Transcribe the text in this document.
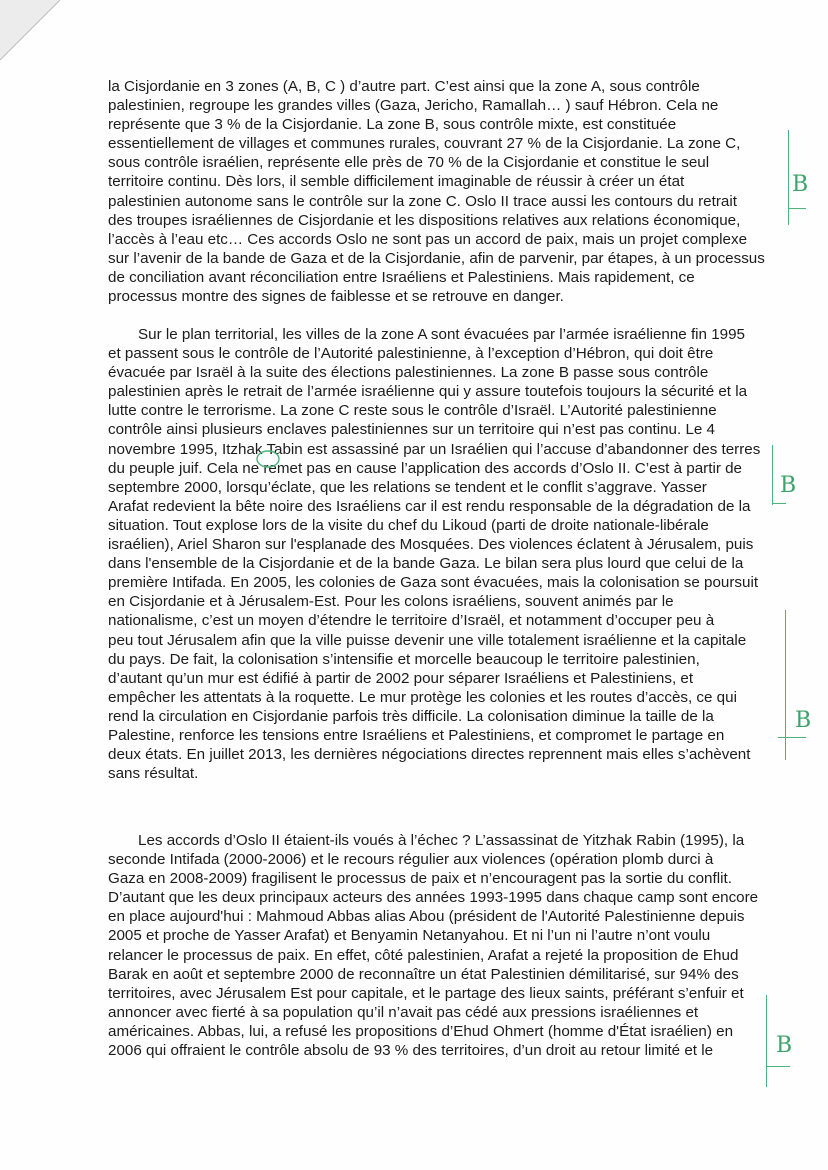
la Cisjordanie en 3 zones (A, B, C ) d’autre part. C’est ainsi que la zone A, sous contrôle
palestinien, regroupe les grandes villes (Gaza, Jericho, Ramallah… ) sauf Hébron. Cela ne
représente que 3 % de la Cisjordanie. La zone B, sous contrôle mixte, est constituée
essentiellement de villages et communes rurales, couvrant 27 % de la Cisjordanie. La zone C,
sous contrôle israélien, représente elle près de 70 % de la Cisjordanie et constitue le seul
territoire continu. Dès lors, il semble difficilement imaginable de réussir à créer un état
palestinien autonome sans le contrôle sur la zone C. Oslo II trace aussi les contours du retrait
des troupes israéliennes de Cisjordanie et les dispositions relatives aux relations économique,
l’accès à l’eau etc… Ces accords Oslo ne sont pas un accord de paix, mais un projet complexe
sur l’avenir de la bande de Gaza et de la Cisjordanie, afin de parvenir, par étapes, à un processus
de conciliation avant réconciliation entre Israéliens et Palestiniens. Mais rapidement, ce
processus montre des signes de faiblesse et se retrouve en danger.
Sur le plan territorial, les villes de la zone A sont évacuées par l’armée israélienne fin 1995
et passent sous le contrôle de l’Autorité palestinienne, à l’exception d’Hébron, qui doit être
évacuée par Israël à la suite des élections palestiniennes. La zone B passe sous contrôle
palestinien après le retrait de l’armée israélienne qui y assure toutefois toujours la sécurité et la
lutte contre le terrorisme. La zone C reste sous le contrôle d’Israël. L’Autorité palestinienne
contrôle ainsi plusieurs enclaves palestiniennes sur un territoire qui n’est pas continu. Le 4
novembre 1995, Itzhak Tabin est assassiné par un Israélien qui l’accuse d’abandonner des terres
du peuple juif. Cela ne remet pas en cause l’application des accords d’Oslo II. C’est à partir de
septembre 2000, lorsqu’éclate, que les relations se tendent et le conflit s’aggrave. Yasser
Arafat redevient la bête noire des Israéliens car il est rendu responsable de la dégradation de la
situation. Tout explose lors de la visite du chef du Likoud (parti de droite nationale-libérale
israélien), Ariel Sharon sur l'esplanade des Mosquées. Des violences éclatent à Jérusalem, puis
dans l'ensemble de la Cisjordanie et de la bande Gaza. Le bilan sera plus lourd que celui de la
première Intifada. En 2005, les colonies de Gaza sont évacuées, mais la colonisation se poursuit
en Cisjordanie et à Jérusalem-Est. Pour les colons israéliens, souvent animés par le
nationalisme, c’est un moyen d’étendre le territoire d’Israël, et notamment d’occuper peu à
peu tout Jérusalem afin que la ville puisse devenir une ville totalement israélienne et la capitale
du pays. De fait, la colonisation s’intensifie et morcelle beaucoup le territoire palestinien,
d’autant qu’un mur est édifié à partir de 2002 pour séparer Israéliens et Palestiniens, et
empêcher les attentats à la roquette. Le mur protège les colonies et les routes d’accès, ce qui
rend la circulation en Cisjordanie parfois très difficile. La colonisation diminue la taille de la
Palestine, renforce les tensions entre Israéliens et Palestiniens, et compromet le partage en
deux états. En juillet 2013, les dernières négociations directes reprennent mais elles s’achèvent
sans résultat.
Les accords d’Oslo II étaient-ils voués à l’échec ? L’assassinat de Yitzhak Rabin (1995), la
seconde Intifada (2000-2006) et le recours régulier aux violences (opération plomb durci à
Gaza en 2008-2009) fragilisent le processus de paix et n’encouragent pas la sortie du conflit.
D’autant que les deux principaux acteurs des années 1993-1995 dans chaque camp sont encore
en place aujourd'hui : Mahmoud Abbas alias Abou (président de l'Autorité Palestinienne depuis
2005 et proche de Yasser Arafat) et Benyamin Netanyahou. Et ni l’un ni l’autre n’ont voulu
relancer le processus de paix. En effet, côté palestinien, Arafat a rejeté la proposition de Ehud
Barak en août et septembre 2000 de reconnaître un état Palestinien démilitarisé, sur 94% des
territoires, avec Jérusalem Est pour capitale, et le partage des lieux saints, préférant s’enfuir et
annoncer avec fierté à sa population qu’il n’avait pas cédé aux pressions israéliennes et
américaines. Abbas, lui, a refusé les propositions d’Ehud Ohmert (homme d'État israélien) en
2006 qui offraient le contrôle absolu de 93 % des territoires, d’un droit au retour limité et le
B
B
B
B
